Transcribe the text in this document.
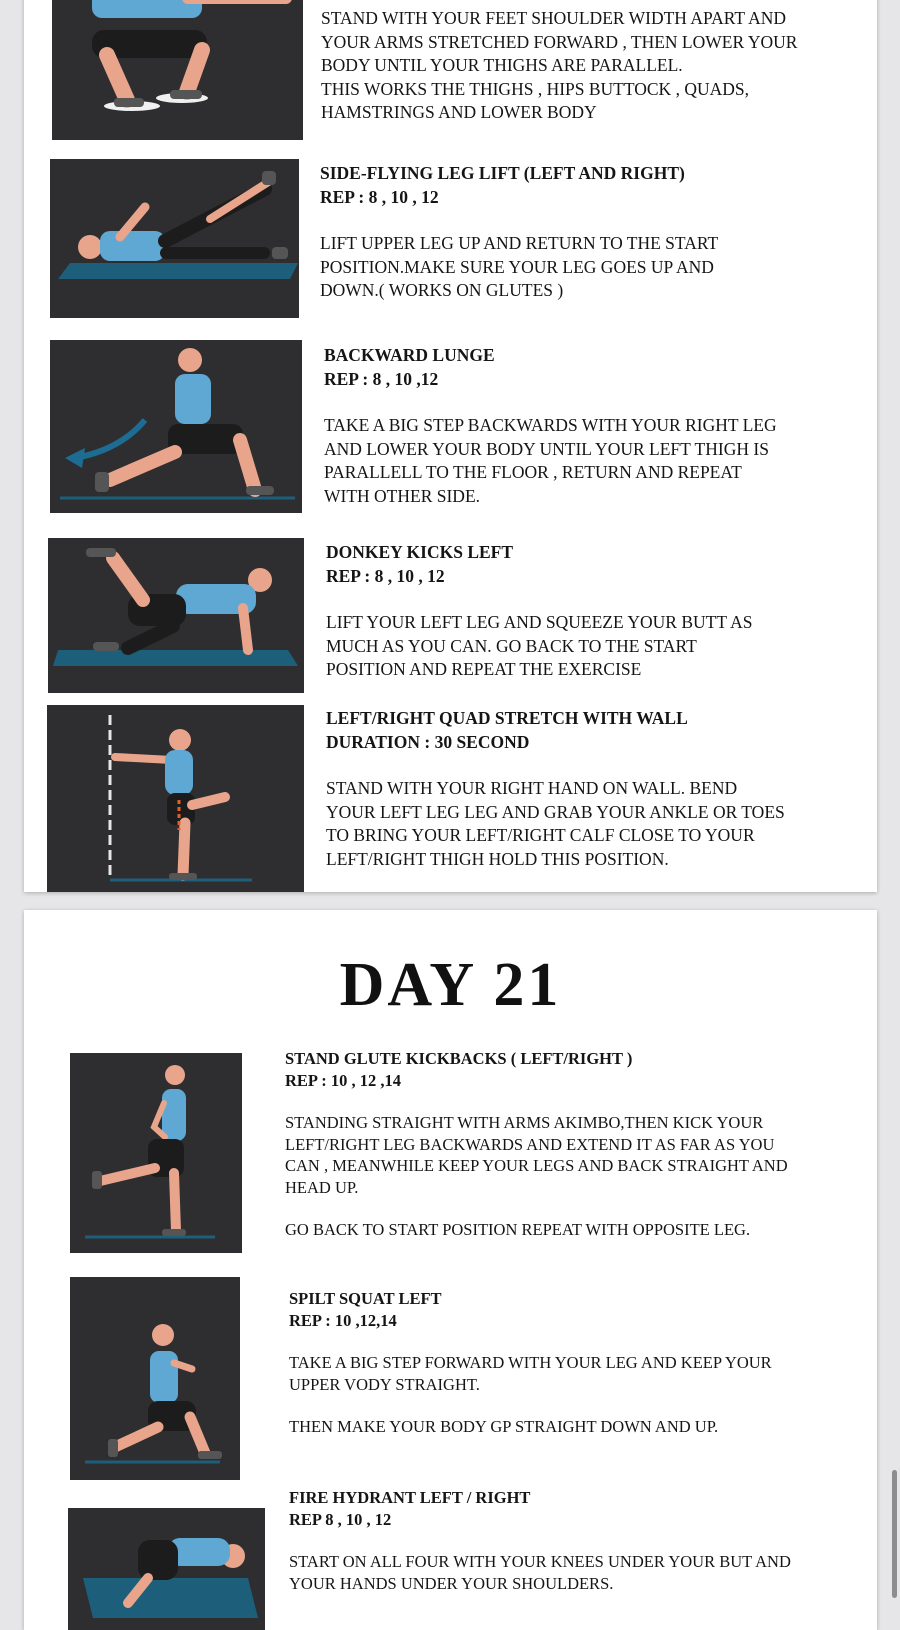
STAND WITH YOUR FEET SHOULDER WIDTH APART AND
YOUR ARMS STRETCHED FORWARD , THEN LOWER YOUR
BODY UNTIL YOUR THIGHS ARE PARALLEL.
THIS WORKS THE THIGHS , HIPS BUTTOCK , QUADS,
HAMSTRINGS AND LOWER BODY
SIDE-FLYING LEG LIFT (LEFT AND RIGHT)
REP : 8 , 10 , 12
LIFT UPPER LEG UP AND RETURN TO THE START
POSITION.MAKE SURE YOUR LEG GOES UP AND
DOWN.( WORKS ON GLUTES )
BACKWARD LUNGE
REP : 8 , 10 ,12
TAKE A BIG STEP BACKWARDS WITH YOUR RIGHT LEG
AND LOWER YOUR BODY UNTIL YOUR LEFT THIGH IS
PARALLELL TO THE FLOOR , RETURN AND REPEAT
WITH OTHER SIDE.
DONKEY KICKS LEFT
REP : 8 , 10 , 12
LIFT YOUR LEFT LEG AND SQUEEZE YOUR BUTT AS
MUCH AS YOU CAN. GO BACK TO THE START
POSITION AND REPEAT THE EXERCISE
LEFT/RIGHT QUAD STRETCH WITH WALL
DURATION : 30 SECOND
STAND WITH YOUR RIGHT HAND ON WALL. BEND
YOUR LEFT LEG LEG AND GRAB YOUR ANKLE OR TOES
TO BRING YOUR LEFT/RIGHT CALF CLOSE TO YOUR
LEFT/RIGHT THIGH HOLD THIS POSITION.
DAY 21
STAND GLUTE KICKBACKS ( LEFT/RIGHT )
REP : 10 , 12 ,14
STANDING STRAIGHT WITH ARMS AKIMBO,THEN KICK YOUR
LEFT/RIGHT LEG BACKWARDS AND EXTEND IT AS FAR AS YOU
CAN , MEANWHILE KEEP YOUR LEGS AND BACK STRAIGHT AND
HEAD UP.
GO BACK TO START POSITION REPEAT WITH OPPOSITE LEG.
SPILT SQUAT LEFT
REP : 10 ,12,14
TAKE A BIG STEP FORWARD WITH YOUR LEG AND KEEP YOUR
UPPER VODY STRAIGHT.
THEN MAKE YOUR BODY GP STRAIGHT DOWN AND UP.
FIRE HYDRANT LEFT / RIGHT
REP 8 , 10 , 12
START ON ALL FOUR WITH YOUR KNEES UNDER YOUR BUT AND
YOUR HANDS UNDER YOUR SHOULDERS.
